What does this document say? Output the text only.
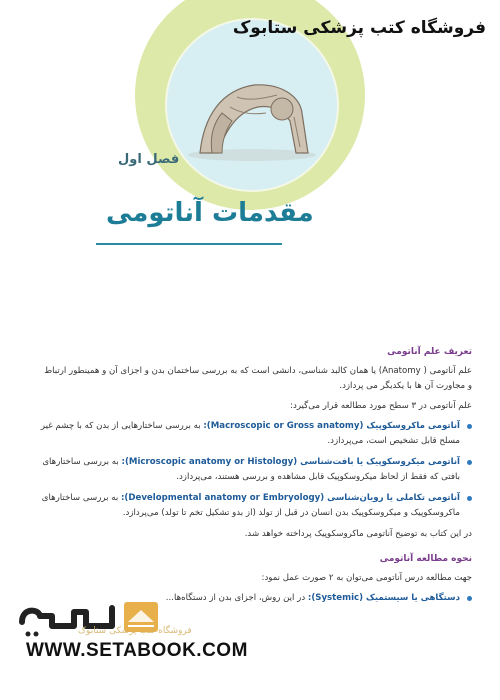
فروشگاه کتب پزشکی ستابوک
فصل اول
مقدمات آناتومی
تعریف علم آناتومی

علم آناتومی ( Anatomy) یا همان کالبد شناسی، دانشی است که به بررسی ساختمان بدن و اجزای آن و همینطور ارتباط و مجاورت آن ها با یکدیگر می پردازد.

علم آناتومی در ۳ سطح مورد مطالعه قرار می‌گیرد:

آناتومی ماکروسکوپیک (Macroscopic or Gross anatomy): به بررسی ساختارهایی از بدن که با چشم غیر مسلح قابل تشخیص است، می‌پردازد.
آناتومی میکروسکوپیک یا بافت‌شناسی (Microscopic anatomy or Histology): به بررسی ساختارهای بافتی که فقط از لحاظ میکروسکوپیک قابل مشاهده و بررسی هستند، می‌پردازد.
آناتومی تکاملی یا رویان‌شناسی (Developmental anatomy or Embryology): به بررسی ساختارهای ماکروسکوپیک و میکروسکوپیک بدن انسان در قبل از تولد (از بدو تشکیل تخم تا تولد) می‌پردازد.

در این کتاب به توضیح آناتومی ماکروسکوپیک پرداخته خواهد شد.

نحوه مطالعه آناتومی

جهت مطالعه درس آناتومی می‌توان به ۲ صورت عمل نمود:

دستگاهی یا سیستمیک (Systemic): در این روش، اجزای بدن از دستگاه‌ها...
فروشگاه کتب پزشکی ستابوک
WWW.SETABOOK.COM
